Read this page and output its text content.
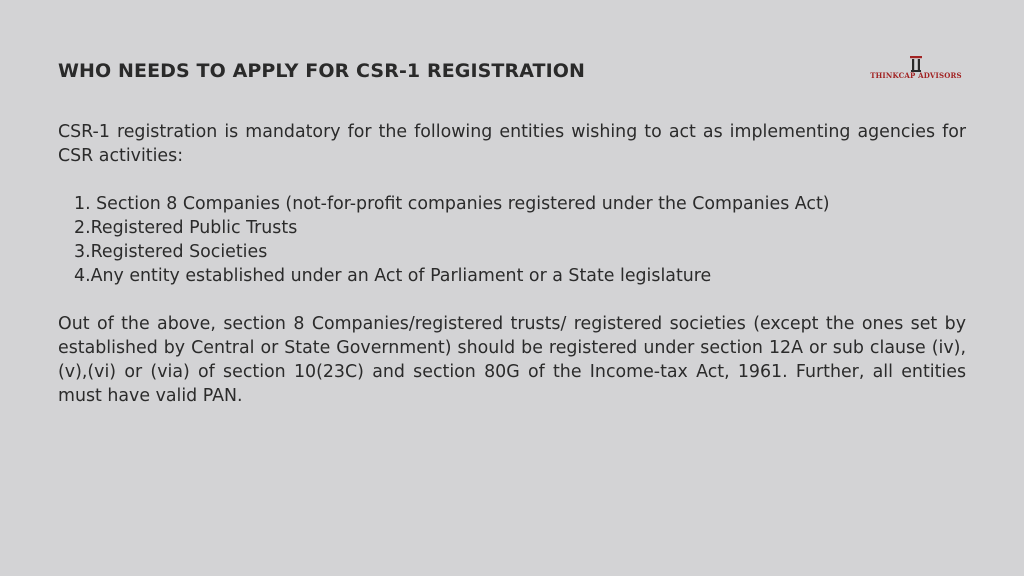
WHO NEEDS TO APPLY FOR CSR-1 REGISTRATION	THINKCAP ADVISORS

CSR-1 registration is mandatory for the following entities wishing to act as implementing agencies for CSR activities:

1. Section 8 Companies (not-for-profit companies registered under the Companies Act)
2.Registered Public Trusts
3.Registered Societies
4.Any entity established under an Act of Parliament or a State legislature

Out of the above, section 8 Companies/registered trusts/ registered societies (except the ones set by established by Central or State Government) should be registered under section 12A or sub clause (iv), (v),(vi) or (via) of section 10(23C) and section 80G of the Income-tax Act, 1961. Further, all entities must have valid PAN.
